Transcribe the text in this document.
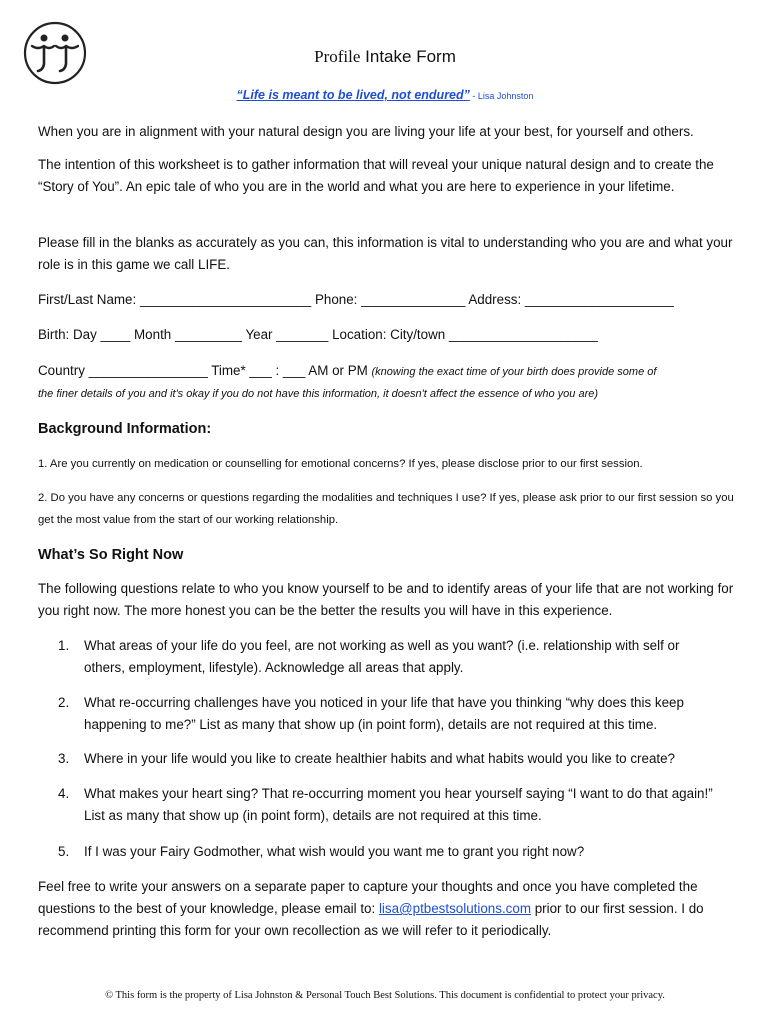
Profile Intake Form
“Life is meant to be lived, not endured” - Lisa Johnston
When you are in alignment with your natural design you are living your life at your best, for yourself and others.
The intention of this worksheet is to gather information that will reveal your unique natural design and to create the “Story of You”. An epic tale of who you are in the world and what you are here to experience in your lifetime.
Please fill in the blanks as accurately as you can, this information is vital to understanding who you are and what your role is in this game we call LIFE.
First/Last Name: _______________________ Phone: ______________ Address: ____________________
Birth: Day ____ Month _________ Year _______ Location: City/town ____________________
Country ________________ Time* ___ : ___ AM or PM (knowing the exact time of your birth does provide some of
the finer details of you and it's okay if you do not have this information, it doesn't affect the essence of who you are)
Background Information:
1. Are you currently on medication or counselling for emotional concerns? If yes, please disclose prior to our first session.
2. Do you have any concerns or questions regarding the modalities and techniques I use? If yes, please ask prior to our first session so you get the most value from the start of our working relationship.
What’s So Right Now
The following questions relate to who you know yourself to be and to identify areas of your life that are not working for you right now. The more honest you can be the better the results you will have in this experience.
1. What areas of your life do you feel, are not working as well as you want? (i.e. relationship with self or others, employment, lifestyle). Acknowledge all areas that apply.
2. What re-occurring challenges have you noticed in your life that have you thinking “why does this keep happening to me?” List as many that show up (in point form), details are not required at this time.
3. Where in your life would you like to create healthier habits and what habits would you like to create?
4. What makes your heart sing? That re-occurring moment you hear yourself saying “I want to do that again!” List as many that show up (in point form), details are not required at this time.
5. If I was your Fairy Godmother, what wish would you want me to grant you right now?
Feel free to write your answers on a separate paper to capture your thoughts and once you have completed the questions to the best of your knowledge, please email to: lisa@ptbestsolutions.com prior to our first session. I do recommend printing this form for your own recollection as we will refer to it periodically.
© This form is the property of Lisa Johnston & Personal Touch Best Solutions. This document is confidential to protect your privacy.
